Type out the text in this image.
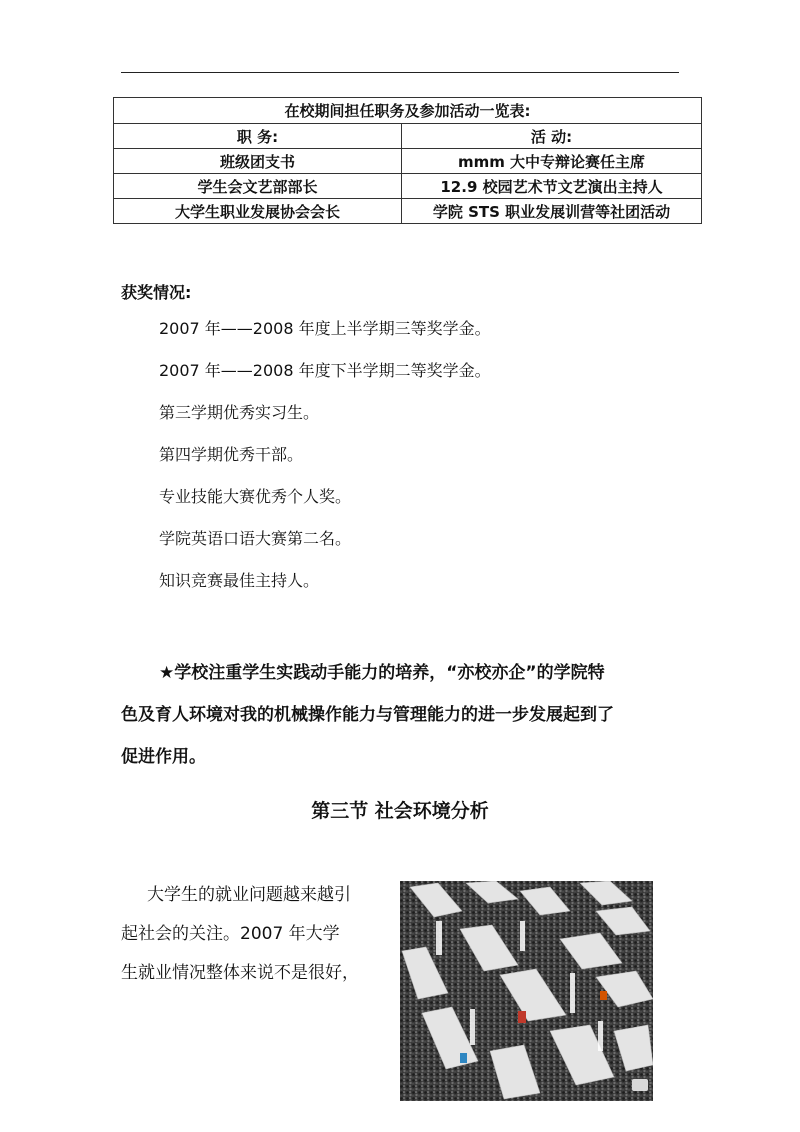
在校期间担任职务及参加活动一览表:	
职 务:	活 动:
班级团支书	mmm 大中专辩论赛任主席
学生会文艺部部长	12.9 校园艺术节文艺演出主持人
大学生职业发展协会会长	学院 STS 职业发展训营等社团活动
获奖情况:
2007 年——2008 年度上半学期三等奖学金。
2007 年——2008 年度下半学期二等奖学金。
第三学期优秀实习生。
第四学期优秀干部。
专业技能大赛优秀个人奖。
学院英语口语大赛第二名。
知识竞赛最佳主持人。

★学校注重学生实践动手能力的培养，“亦校亦企”的学院特
色及育人环境对我的机械操作能力与管理能力的进一步发展起到了
促进作用。

第三节 社会环境分析

大学生的就业问题越来越引
起社会的关注。2007 年大学
生就业情况整体来说不是很好，
